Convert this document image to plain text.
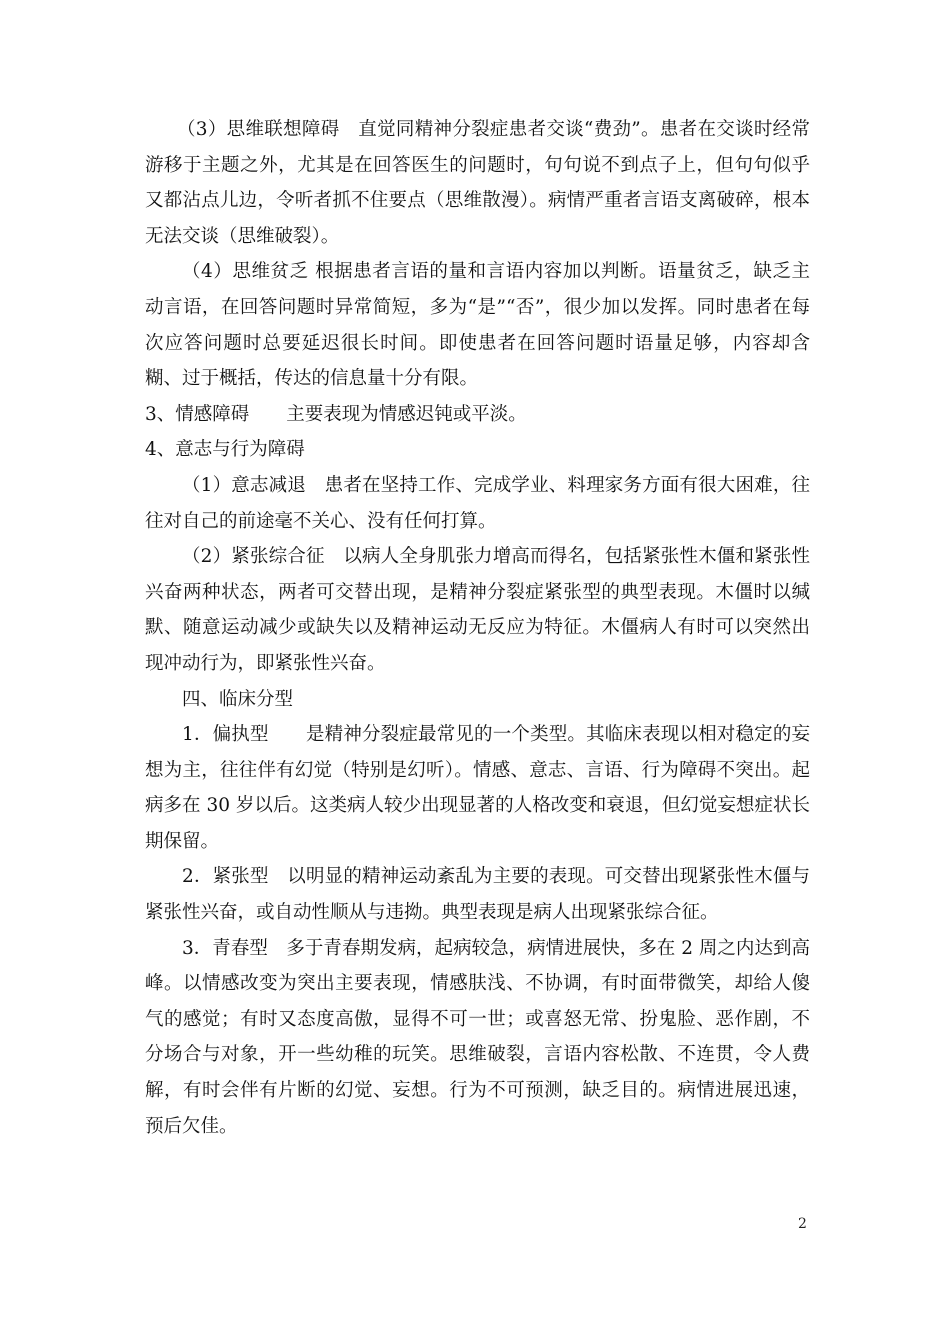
（3）思维联想障碍　直觉同精神分裂症患者交谈“费劲”。患者在交谈时经常游移于主题之外，尤其是在回答医生的问题时，句句说不到点子上，但句句似乎又都沾点儿边，令听者抓不住要点（思维散漫）。病情严重者言语支离破碎，根本无法交谈（思维破裂）。

（4）思维贫乏 根据患者言语的量和言语内容加以判断。语量贫乏，缺乏主动言语，在回答问题时异常简短，多为“是”“否”，很少加以发挥。同时患者在每次应答问题时总要延迟很长时间。即使患者在回答问题时语量足够，内容却含糊、过于概括，传达的信息量十分有限。

3、情感障碍　　主要表现为情感迟钝或平淡。

4、意志与行为障碍

（1）意志减退　患者在坚持工作、完成学业、料理家务方面有很大困难，往往对自己的前途毫不关心、没有任何打算。

（2）紧张综合征　以病人全身肌张力增高而得名，包括紧张性木僵和紧张性兴奋两种状态，两者可交替出现，是精神分裂症紧张型的典型表现。木僵时以缄默、随意运动减少或缺失以及精神运动无反应为特征。木僵病人有时可以突然出现冲动行为，即紧张性兴奋。

四、临床分型

1．偏执型　　是精神分裂症最常见的一个类型。其临床表现以相对稳定的妄想为主，往往伴有幻觉（特别是幻听）。情感、意志、言语、行为障碍不突出。起病多在 30 岁以后。这类病人较少出现显著的人格改变和衰退，但幻觉妄想症状长期保留。

2．紧张型　以明显的精神运动紊乱为主要的表现。可交替出现紧张性木僵与紧张性兴奋，或自动性顺从与违拗。典型表现是病人出现紧张综合征。

3．青春型　多于青春期发病，起病较急，病情进展快，多在 2 周之内达到高峰。以情感改变为突出主要表现，情感肤浅、不协调，有时面带微笑，却给人傻气的感觉；有时又态度高傲，显得不可一世；或喜怒无常、扮鬼脸、恶作剧，不分场合与对象，开一些幼稚的玩笑。思维破裂，言语内容松散、不连贯，令人费解，有时会伴有片断的幻觉、妄想。行为不可预测，缺乏目的。病情进展迅速，预后欠佳。

2
